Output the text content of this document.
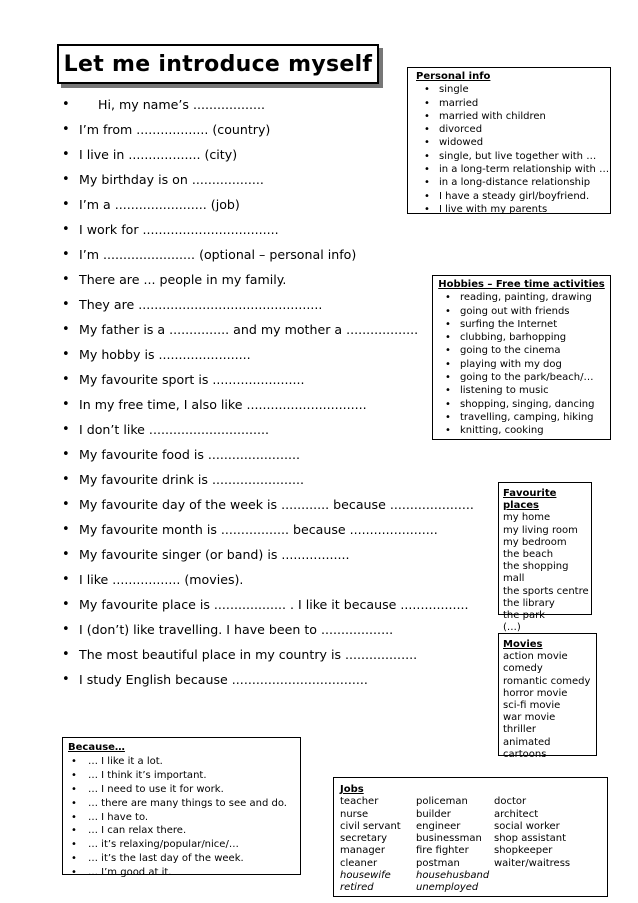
Let me introduce myself
• Hi, my name’s ..................
• I’m from .................. (country)
• I live in .................. (city)
• My birthday is on ..................
• I’m a ....................... (job)
• I work for ..................................
• I’m ....................... (optional – personal info)
• There are ... people in my family.
• They are ..............................................
• My father is a ............... and my mother a ..................
• My hobby is .......................
• My favourite sport is .......................
• In my free time, I also like ..............................
• I don’t like ..............................
• My favourite food is .......................
• My favourite drink is .......................
• My favourite day of the week is ............ because .....................
• My favourite month is ................. because ......................
• My favourite singer (or band) is .................
• I like ................. (movies).
• My favourite place is .................. . I like it because .................
• I (don’t) like travelling. I have been to ..................
• The most beautiful place in my country is ..................
• I study English because ..................................
Personal info
• single
• married
• married with children
• divorced
• widowed
• single, but live together with …
• in a long-term relationship with …
• in a long-distance relationship
• I have a steady girl/boyfriend.
• I live with my parents
Hobbies – Free time activities
• reading, painting, drawing
• going out with friends
• surfing the Internet
• clubbing, barhopping
• going to the cinema
• playing with my dog
• going to the park/beach/…
• listening to music
• shopping, singing, dancing
• travelling, camping, hiking
• knitting, cooking
Favourite places
my home
my living room
my bedroom
the beach
the shopping mall
the sports centre
the library
the park
(…)
Movies
action movie
comedy
romantic comedy
horror movie
sci-fi movie
war movie
thriller
animated cartoons
Because…
• … I like it a lot.
• … I think it’s important.
• … I need to use it for work.
• … there are many things to see and do.
• … I have to.
• … I can relax there.
• … it’s relaxing/popular/nice/…
• … it’s the last day of the week.
• … I’m good at it.
Jobs
teacher
nurse
civil servant
secretary
manager
cleaner
housewife
retired
policeman
builder
engineer
businessman
fire fighter
postman
househusband
unemployed
doctor
architect
social worker
shop assistant
shopkeeper
waiter/waitress
